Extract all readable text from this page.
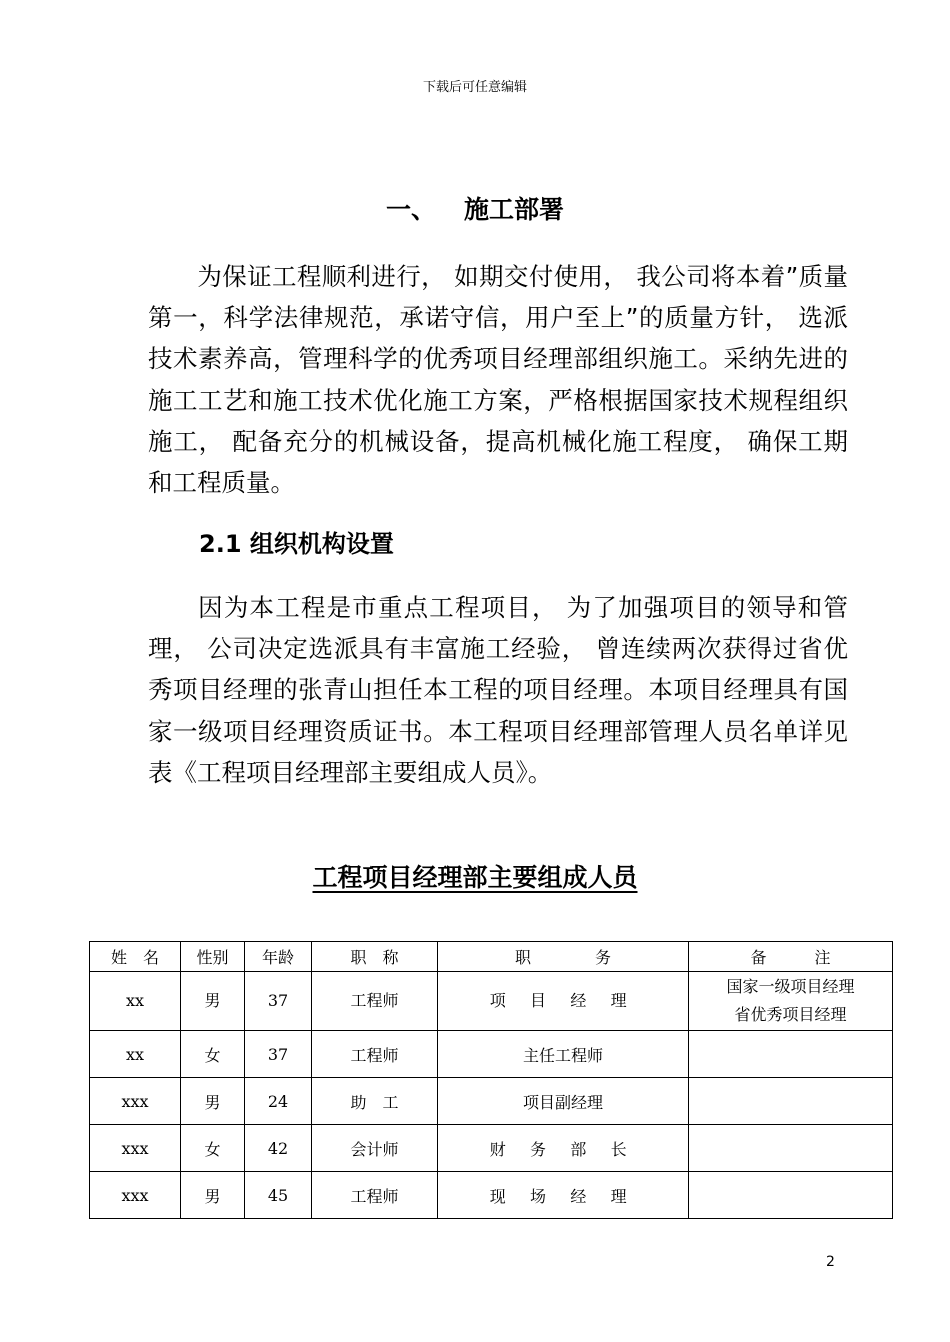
下载后可任意编辑
一、 施工部署
为保证工程顺利进行， 如期交付使用， 我公司将本着”质量第一，科学法律规范，承诺守信，用户至上”的质量方针， 选派技术素养高，管理科学的优秀项目经理部组织施工。采纳先进的施工工艺和施工技术优化施工方案，严格根据国家技术规程组织施工， 配备充分的机械设备，提高机械化施工程度， 确保工期和工程质量。
2.1 组织机构设置
因为本工程是市重点工程项目， 为了加强项目的领导和管理， 公司决定选派具有丰富施工经验， 曾连续两次获得过省优秀项目经理的张青山担任本工程的项目经理。本项目经理具有国家一级项目经理资质证书。本工程项目经理部管理人员名单详见表《工程项目经理部主要组成人员》。
工程项目经理部主要组成人员
姓　名	性别	年龄	职　称	职　　　　务	备　　　注
xx	男	37	工程师	项 目 经 理	国家一级项目经理
省优秀项目经理

xx	女	37	工程师	主任工程师	
xxx	男	24	助　工	项目副经理	
xxx	女	42	会计师	财 务 部 长	
xxx	男	45	工程师	现 场 经 理	
2
